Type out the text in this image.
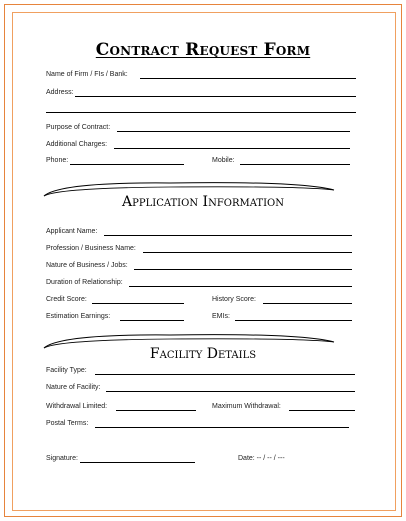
Contract Request Form
Name of Firm / FIs / Bank:
Address:
Purpose of Contract:
Additional Charges:
Phone:	Mobile:
Application Information
Applicant Name:
Profession / Business Name:
Nature of Business / Jobs:
Duration of Relationship:
Credit Score:	History Score:
Estimation Earnings:	EMIs:
Facility Details
Facility Type:
Nature of Facility:
Withdrawal Limited:	Maximum Withdrawal:
Postal Terms:
Signature:	Date: -- / -- / ---
